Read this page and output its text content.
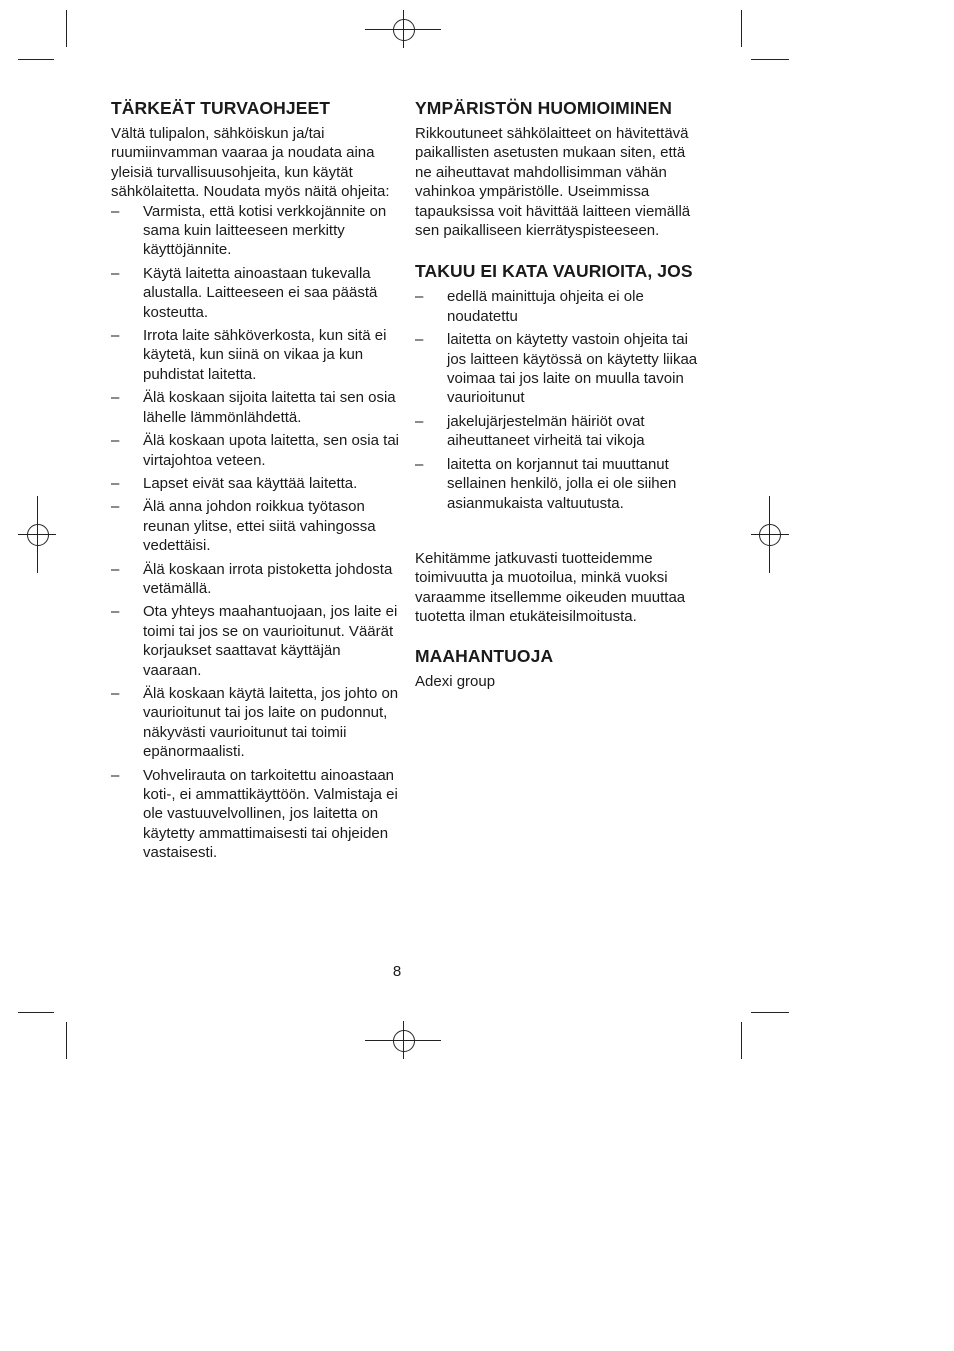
TÄRKEÄT TURVAOHJEET

Vältä tulipalon, sähköiskun ja/tai ruumiinvamman vaaraa ja noudata aina yleisiä turvallisuusohjeita, kun käytät sähkölaitetta. Noudata myös näitä ohjeita:

– Varmista, että kotisi verkkojännite on sama kuin laitteeseen merkitty käyttöjännite.
– Käytä laitetta ainoastaan tukevalla alustalla. Laitteeseen ei saa päästä kosteutta.
– Irrota laite sähköverkosta, kun sitä ei käytetä, kun siinä on vikaa ja kun puhdistat laitetta.
– Älä koskaan sijoita laitetta tai sen osia lähelle lämmönlähdettä.
– Älä koskaan upota laitetta, sen osia tai virtajohtoa veteen.
– Lapset eivät saa käyttää laitetta.
– Älä anna johdon roikkua työtason reunan ylitse, ettei siitä vahingossa vedettäisi.
– Älä koskaan irrota pistoketta johdosta vetämällä.
– Ota yhteys maahantuojaan, jos laite ei toimi tai jos se on vaurioitunut. Väärät korjaukset saattavat käyttäjän vaaraan.
– Älä koskaan käytä laitetta, jos johto on vaurioitunut tai jos laite on pudonnut, näkyvästi vaurioitunut tai toimii epänormaalisti.
– Vohvelirauta on tarkoitettu ainoastaan koti-, ei ammattikäyttöön. Valmistaja ei ole vastuuvelvollinen, jos laitetta on käytetty ammattimaisesti tai ohjeiden vastaisesti.
YMPÄRISTÖN HUOMIOIMINEN

Rikkoutuneet sähkölaitteet on hävitettävä paikallisten asetusten mukaan siten, että ne aiheuttavat mahdollisimman vähän vahinkoa ympäristölle. Useimmissa tapauksissa voit hävittää laitteen viemällä sen paikalliseen kierrätyspisteeseen.

TAKUU EI KATA VAURIOITA, JOS
– edellä mainittuja ohjeita ei ole noudatettu
– laitetta on käytetty vastoin ohjeita tai jos laitteen käytössä on käytetty liikaa voimaa tai jos laite on muulla tavoin vaurioitunut
– jakelujärjestelmän häiriöt ovat aiheuttaneet virheitä tai vikoja
– laitetta on korjannut tai muuttanut sellainen henkilö, jolla ei ole siihen asianmukaista valtuutusta.

Kehitämme jatkuvasti tuotteidemme toimivuutta ja muotoilua, minkä vuoksi varaamme itsellemme oikeuden muuttaa tuotetta ilman etukäteisilmoitusta.

MAAHANTUOJA

Adexi group

8
